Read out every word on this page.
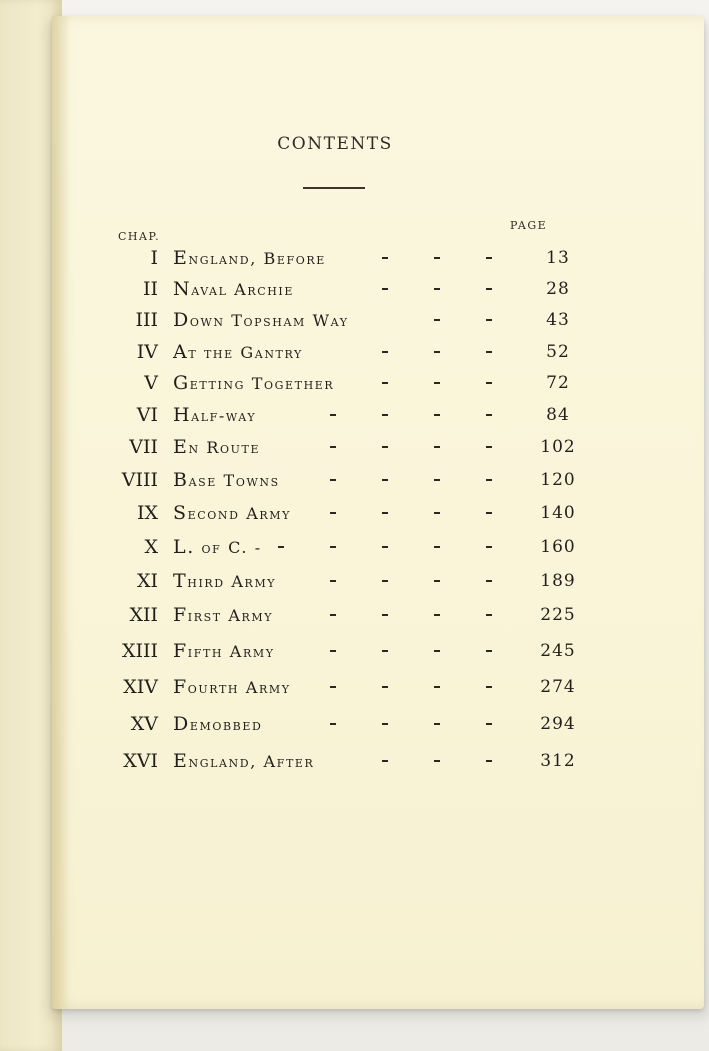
CONTENTS
CHAP.
PAGE
I England, Before	13
II Naval Archie	28
III Down Topsham Way	43
IV At the Gantry	52
V Getting Together	72
VI Half-way	84
VII En Route	102
VIII Base Towns	120
IX Second Army	140
X L. of C. -	160
XI Third Army	189
XII First Army	225
XIII Fifth Army	245
XIV Fourth Army	274
XV Demobbed	294
XVI England, After	312
